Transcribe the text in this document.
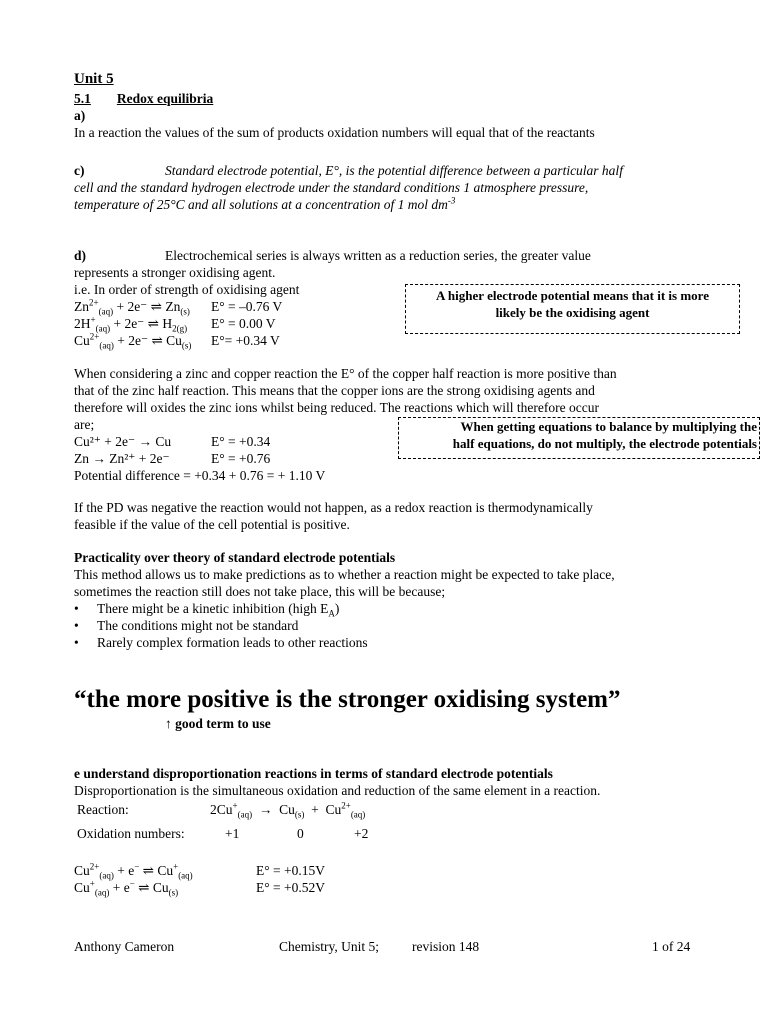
Unit 5
5.1 Redox equilibria
a)
In a reaction the values of the sum of products oxidation numbers will equal that of the reactants
c)	Standard electrode potential, E°, is the potential difference between a particular half
cell and the standard hydrogen electrode under the standard conditions 1 atmosphere pressure,
temperature of 25°C and all solutions at a concentration of 1 mol $dm^{-3}$
d)	Electrochemical series is always written as a reduction series, the greater value
represents a stronger oxidising agent.
i.e. In order of strength of oxidising agent
$Zn^{2+}_{(aq)} + 2e^-$ ⇌ $Zn_{(s)}$ E° = –0.76 V
$2H^+_{(aq)} + 2e^-$ ⇌ $H_{2(g)}$ E° = 0.00 V
$Cu^{2+}_{(aq)} + 2e^-$ ⇌ $Cu_{(s)}$ E°= +0.34 V
A higher electrode potential means that it is more
likely be the oxidising agent
When considering a zinc and copper reaction the E° of the copper half reaction is more positive than
that of the zinc half reaction. This means that the copper ions are the strong oxidising agents and
therefore will oxides the zinc ions whilst being reduced. The reactions which will therefore occur
are;
Cu²⁺ + 2e⁻ → Cu	E° = +0.34
Zn → Zn²⁺ + 2e⁻	E° = +0.76
Potential difference = +0.34 + 0.76 = + 1.10 V
When getting equations to balance by multiplying the
half equations, do not multiply, the electrode potentials
If the PD was negative the reaction would not happen, as a redox reaction is thermodynamically
feasible if the value of the cell potential is positive.
Practicality over theory of standard electrode potentials
This method allows us to make predictions as to whether a reaction might be expected to take place,
sometimes the reaction still does not take place, this will be because;
• There might be a kinetic inhibition (high $E_A$)
• The conditions might not be standard
• Rarely complex formation leads to other reactions
“the more positive is the stronger oxidising system”
↑ good term to use
e understand disproportionation reactions in terms of standard electrode potentials
Disproportionation is the simultaneous oxidation and reduction of the same element in a reaction.
Reaction:	$2Cu^+_{(aq)} \to Cu_{(s)} + Cu^{2+}_{(aq)}$
Oxidation numbers:	+1	0	+2
$Cu^{2+}_{(aq)} + e^-$ ⇌ $Cu^+_{(aq)}$	E° = +0.15V
$Cu^+_{(aq)} + e^-$ ⇌ $Cu_{(s)}$	E° = +0.52V
Anthony Cameron	Chemistry, Unit 5; revision 148	1 of 24
